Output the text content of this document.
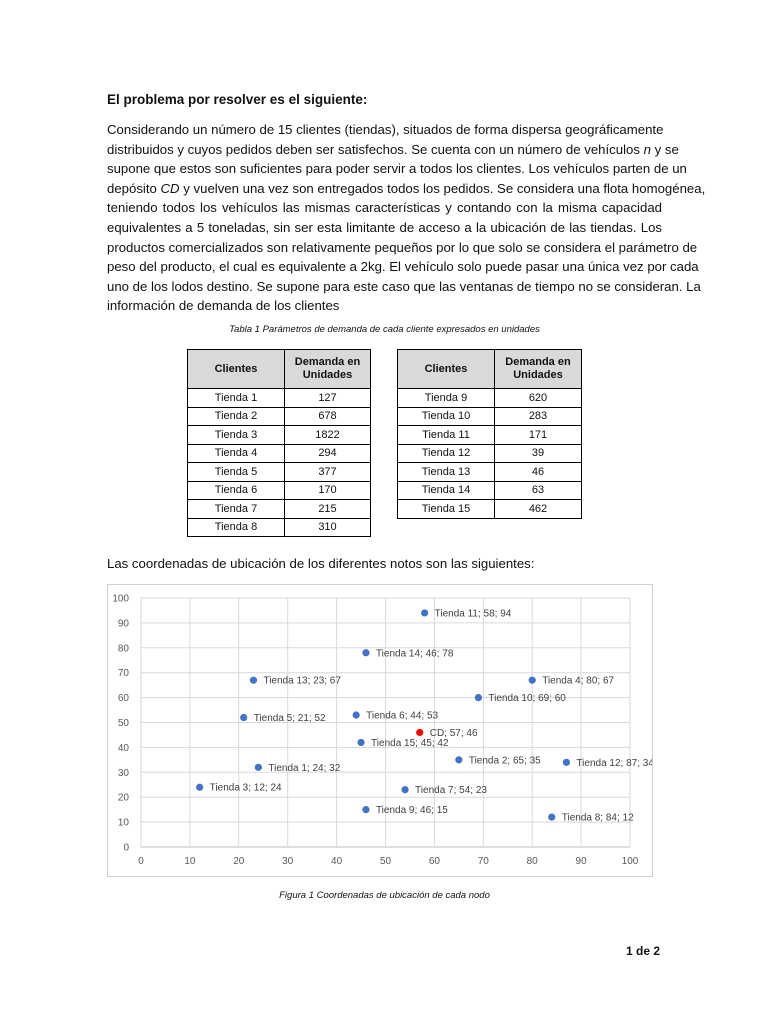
El problema por resolver es el siguiente:
Considerando un número de 15 clientes (tiendas), situados de forma dispersa geográficamente
distribuidos y cuyos pedidos deben ser satisfechos. Se cuenta con un número de vehículos n y se
supone que estos son suficientes para poder servir a todos los clientes. Los vehículos parten de un
depósito CD y vuelven una vez son entregados todos los pedidos. Se considera una flota homogénea,
teniendo todos los vehículos las mismas características y contando con la misma capacidad
equivalentes a 5 toneladas, sin ser esta limitante de acceso a la ubicación de las tiendas. Los
productos comercializados son relativamente pequeños por lo que solo se considera el parámetro de
peso del producto, el cual es equivalente a 2kg. El vehículo solo puede pasar una única vez por cada
uno de los lodos destino. Se supone para este caso que las ventanas de tiempo no se consideran. La
información de demanda de los clientes
Tabla 1 Parámetros de demanda de cada cliente expresados en unidades
Clientes	Demanda en Unidades
Tienda 1	127
Tienda 2	678
Tienda 3	1822
Tienda 4	294
Tienda 5	377
Tienda 6	170
Tienda 7	215
Tienda 8	310
Clientes	Demanda en Unidades
Tienda 9	620
Tienda 10	283
Tienda 11	171
Tienda 12	39
Tienda 13	46
Tienda 14	63
Tienda 15	462
Las coordenadas de ubicación de los diferentes notos son las siguientes:
0
10
20
30
40
50
60
70
80
90
100
0	10	20	30	40	50	60	70	80	90	100
Tienda 11; 58; 94
Tienda 14; 46; 78
Tienda 13; 23; 67	Tienda 4; 80; 67
Tienda 10; 69; 60
Tienda 5; 21; 52	Tienda 6; 44; 53
CD; 57; 46
Tienda 15; 45; 42
Tienda 2; 65; 35	Tienda 12; 87; 34
Tienda 1; 24; 32
Tienda 3; 12; 24	Tienda 7; 54; 23
Tienda 9; 46; 15
Tienda 8; 84; 12
Figura 1 Coordenadas de ubicación de cada nodo
1 de 2
